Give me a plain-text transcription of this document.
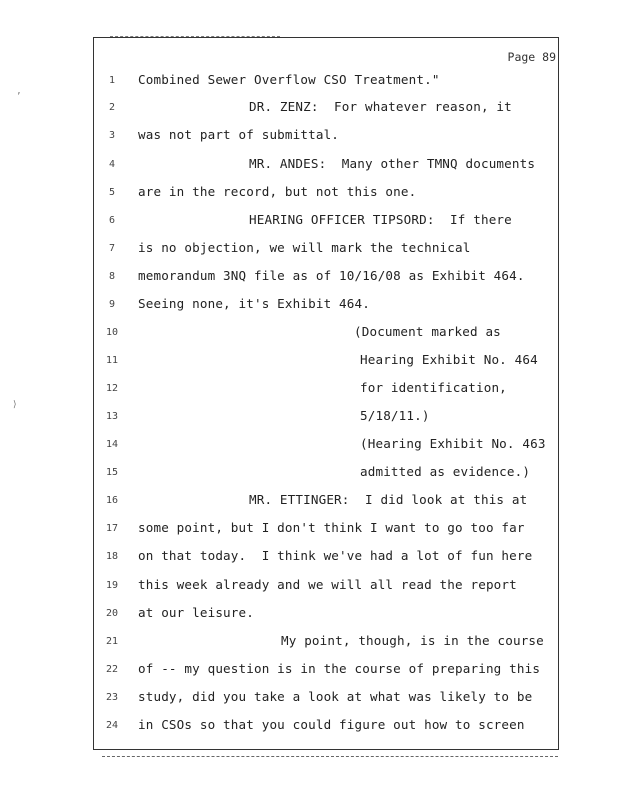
Page 89
1	Combined Sewer Overflow CSO Treatment."
2	DR. ZENZ:  For whatever reason, it
3	was not part of submittal.
4	MR. ANDES:  Many other TMNQ documents
5	are in the record, but not this one.
6	HEARING OFFICER TIPSORD:  If there
7	is no objection, we will mark the technical
8	memorandum 3NQ file as of 10/16/08 as Exhibit 464.
9	Seeing none, it's Exhibit 464.
10	(Document marked as
11	Hearing Exhibit No. 464
12	for identification,
13	5/18/11.)
14	(Hearing Exhibit No. 463
15	admitted as evidence.)
16	MR. ETTINGER:  I did look at this at
17	some point, but I don't think I want to go too far
18	on that today.  I think we've had a lot of fun here
19	this week already and we will all read the report
20	at our leisure.
21	My point, though, is in the course
22	of -- my question is in the course of preparing this
23	study, did you take a look at what was likely to be
24	in CSOs so that you could figure out how to screen
’
⟩
